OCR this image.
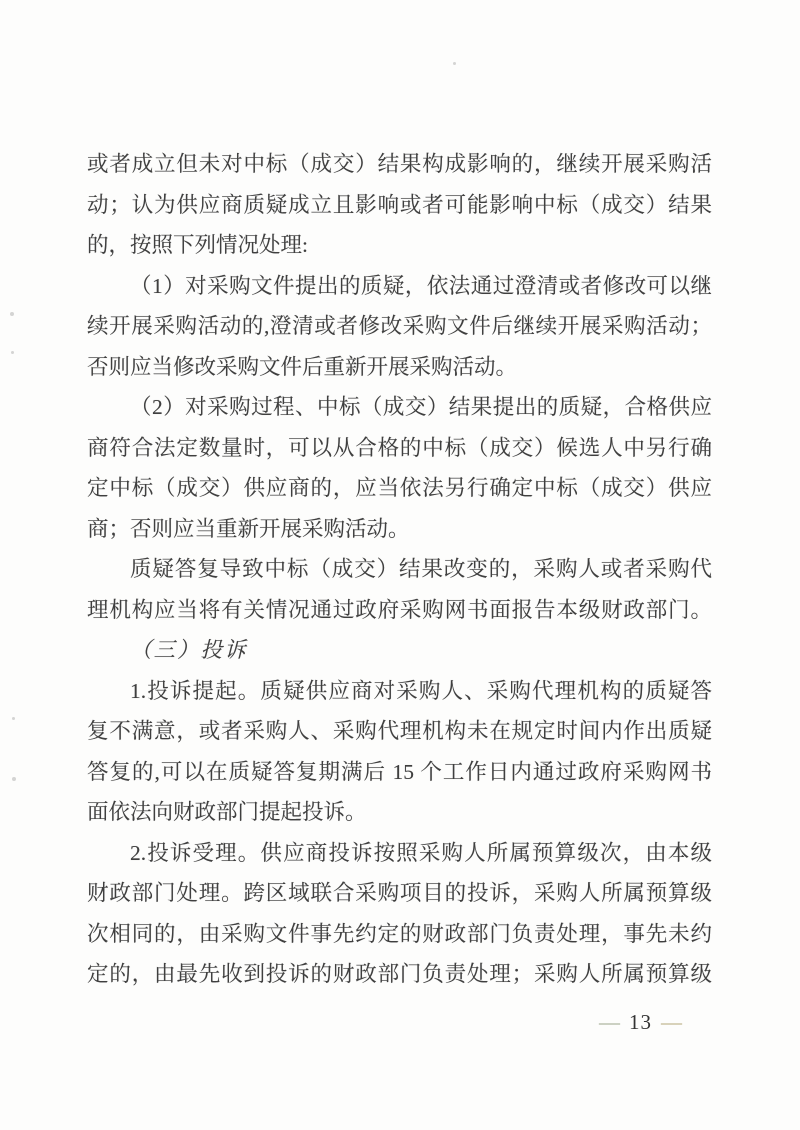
或者成立但未对中标（成交）结果构成影响的，继续开展采购活
动；认为供应商质疑成立且影响或者可能影响中标（成交）结果
的，按照下列情况处理:
（1）对采购文件提出的质疑，依法通过澄清或者修改可以继
续开展采购活动的,澄清或者修改采购文件后继续开展采购活动；
否则应当修改采购文件后重新开展采购活动。
（2）对采购过程、中标（成交）结果提出的质疑，合格供应
商符合法定数量时，可以从合格的中标（成交）候选人中另行确
定中标（成交）供应商的，应当依法另行确定中标（成交）供应
商；否则应当重新开展采购活动。
质疑答复导致中标（成交）结果改变的，采购人或者采购代
理机构应当将有关情况通过政府采购网书面报告本级财政部门。
（三）投诉
1.投诉提起。质疑供应商对采购人、采购代理机构的质疑答
复不满意，或者采购人、采购代理机构未在规定时间内作出质疑
答复的,可以在质疑答复期满后 15 个工作日内通过政府采购网书
面依法向财政部门提起投诉。
2.投诉受理。供应商投诉按照采购人所属预算级次，由本级
财政部门处理。跨区域联合采购项目的投诉，采购人所属预算级
次相同的，由采购文件事先约定的财政部门负责处理，事先未约
定的，由最先收到投诉的财政部门负责处理；采购人所属预算级
— 13 —
